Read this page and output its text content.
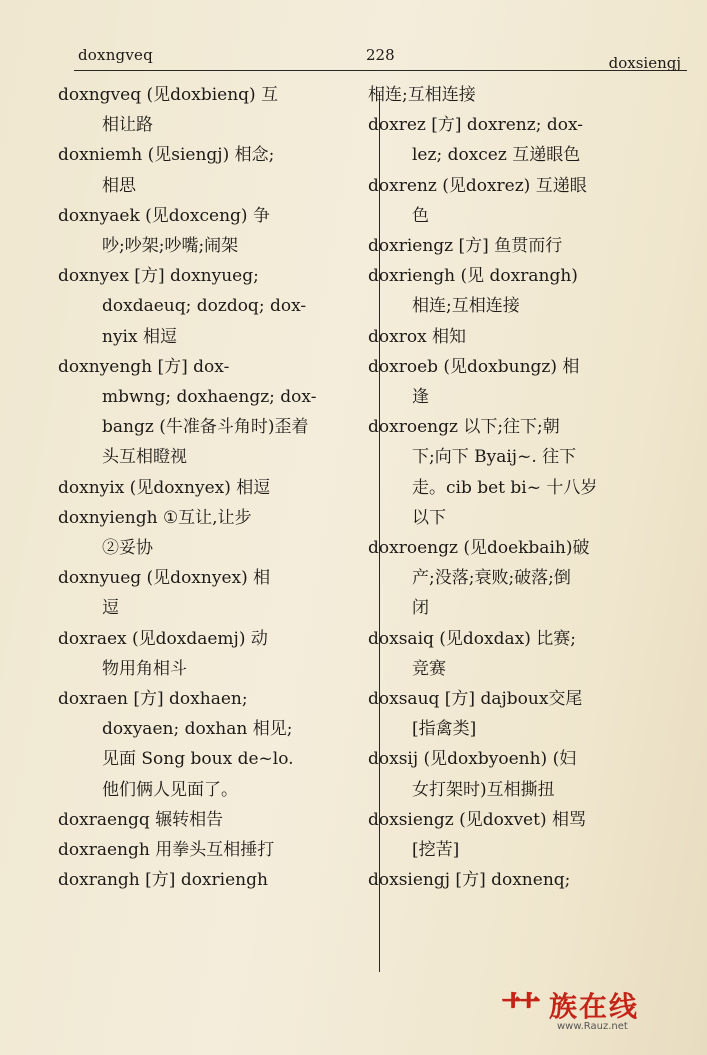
doxngveq	228	doxsiengj

doxngveq (见doxbienq) 互

相让路

doxniemh (见siengj) 相念;

相思

doxnyaek (见doxceng) 争

吵;吵架;吵嘴;闹架

doxnyex [方] doxnyueg;

doxdaeuq; dozdoq; dox-

nyix 相逗

doxnyengh [方] dox-

mbwng; doxhaengz; dox-

bangz (牛准备斗角时)歪着

头互相瞪视

doxnyix (见doxnyex) 相逗

doxnyiengh ①互让,让步

②妥协

doxnyueg (见doxnyex) 相

逗

doxraex (见doxdaemj) 动

物用角相斗

doxraen [方] doxhaen;

doxyaen; doxhan 相见;

见面 Song boux de~lo.

他们俩人见面了。

doxraengq 辗转相告

doxraengh 用拳头互相捶打

doxrangh [方] doxriengh

相连;互相连接

doxrez [方] doxrenz; dox-

lez; doxcez 互递眼色

doxrenz (见doxrez) 互递眼

色

doxriengz [方] 鱼贯而行

doxriengh (见 doxrangh)

相连;互相连接

doxrox 相知

doxroeb (见doxbungz) 相

逢

doxroengz 以下;往下;朝

下;向下 Byaij~. 往下

走。cib bet bi~ 十八岁

以下

doxroengz (见doekbaih)破

产;没落;衰败;破落;倒

闭

doxsaiq (见doxdax) 比赛;

竞赛

doxsauq [方] dajboux交尾

[指禽类]

doxsij (见doxbyoenh) (妇

女打架时)互相撕扭

doxsiengz (见doxvet) 相骂

[挖苦]

doxsiengj [方] doxnenq;

⺿ 族在线
www.Rauz.net
